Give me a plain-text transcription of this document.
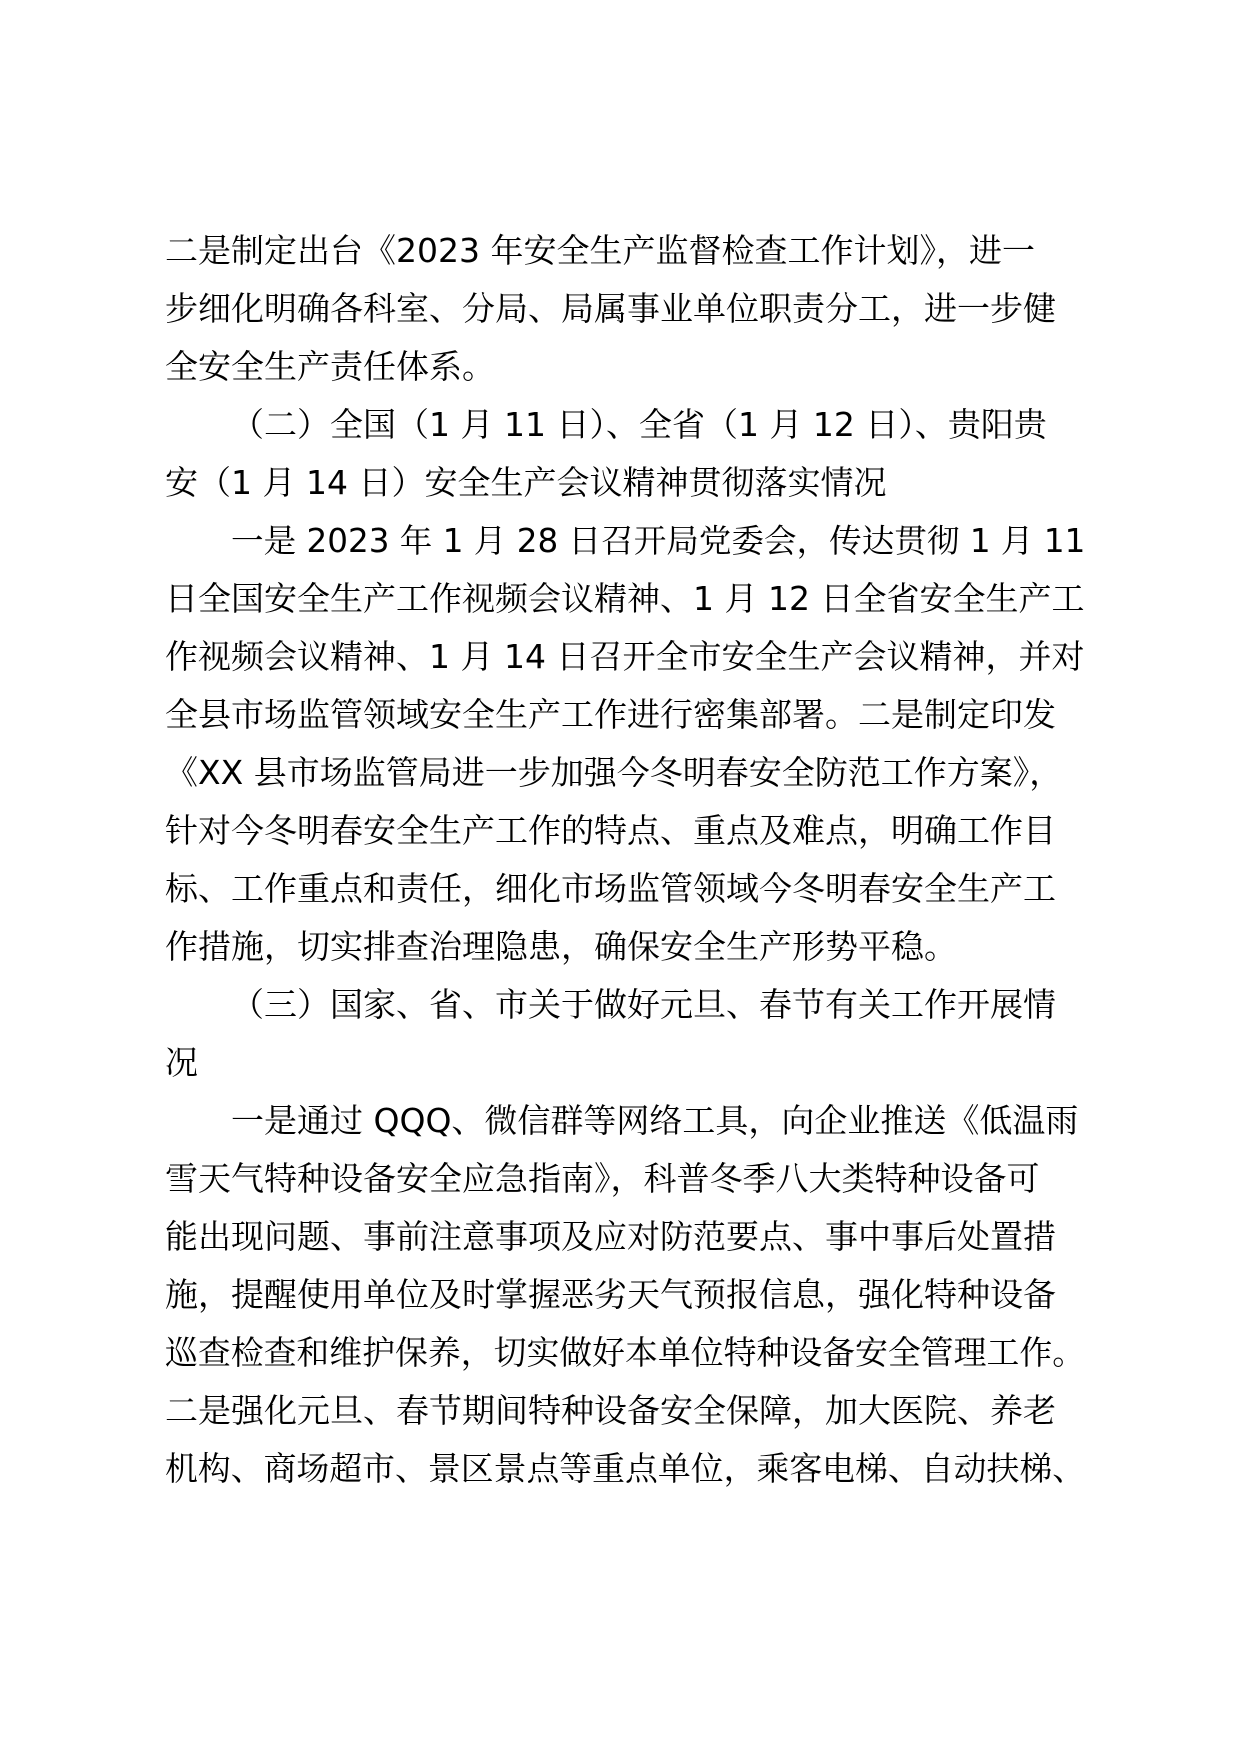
二是制定出台《2023 年安全生产监督检查工作计划》，进一
步细化明确各科室、分局、局属事业单位职责分工，进一步健
全安全生产责任体系。
（二）全国（1 月 11 日）、全省（1 月 12 日）、贵阳贵
安（1 月 14 日）安全生产会议精神贯彻落实情况
一是 2023 年 1 月 28 日召开局党委会，传达贯彻 1 月 11
日全国安全生产工作视频会议精神、1 月 12 日全省安全生产工
作视频会议精神、1 月 14 日召开全市安全生产会议精神，并对
全县市场监管领域安全生产工作进行密集部署。二是制定印发
《XX 县市场监管局进一步加强今冬明春安全防范工作方案》，
针对今冬明春安全生产工作的特点、重点及难点，明确工作目
标、工作重点和责任，细化市场监管领域今冬明春安全生产工
作措施，切实排查治理隐患，确保安全生产形势平稳。
（三）国家、省、市关于做好元旦、春节有关工作开展情
况
一是通过 QQQ、微信群等网络工具，向企业推送《低温雨
雪天气特种设备安全应急指南》，科普冬季八大类特种设备可
能出现问题、事前注意事项及应对防范要点、事中事后处置措
施，提醒使用单位及时掌握恶劣天气预报信息，强化特种设备
巡查检查和维护保养，切实做好本单位特种设备安全管理工作。
二是强化元旦、春节期间特种设备安全保障，加大医院、养老
机构、商场超市、景区景点等重点单位，乘客电梯、自动扶梯、
